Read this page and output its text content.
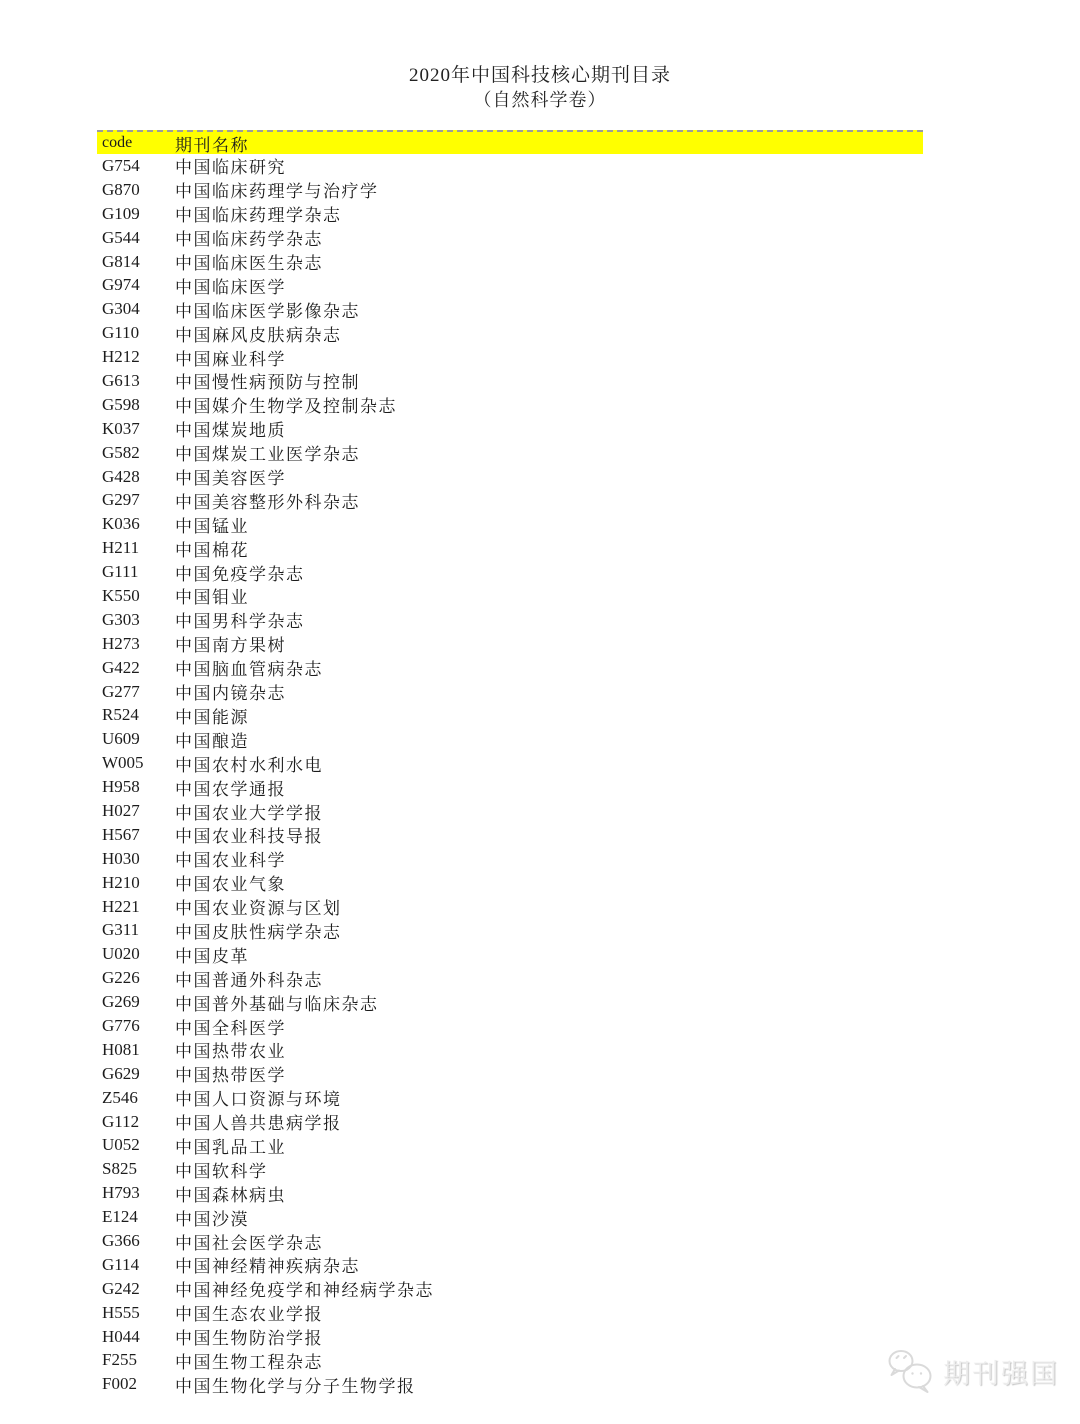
2020年中国科技核心期刊目录
（自然科学卷）
code	期刊名称
G754	中国临床研究
G870	中国临床药理学与治疗学
G109	中国临床药理学杂志
G544	中国临床药学杂志
G814	中国临床医生杂志
G974	中国临床医学
G304	中国临床医学影像杂志
G110	中国麻风皮肤病杂志
H212	中国麻业科学
G613	中国慢性病预防与控制
G598	中国媒介生物学及控制杂志
K037	中国煤炭地质
G582	中国煤炭工业医学杂志
G428	中国美容医学
G297	中国美容整形外科杂志
K036	中国锰业
H211	中国棉花
G111	中国免疫学杂志
K550	中国钼业
G303	中国男科学杂志
H273	中国南方果树
G422	中国脑血管病杂志
G277	中国内镜杂志
R524	中国能源
U609	中国酿造
W005	中国农村水利水电
H958	中国农学通报
H027	中国农业大学学报
H567	中国农业科技导报
H030	中国农业科学
H210	中国农业气象
H221	中国农业资源与区划
G311	中国皮肤性病学杂志
U020	中国皮革
G226	中国普通外科杂志
G269	中国普外基础与临床杂志
G776	中国全科医学
H081	中国热带农业
G629	中国热带医学
Z546	中国人口资源与环境
G112	中国人兽共患病学报
U052	中国乳品工业
S825	中国软科学
H793	中国森林病虫
E124	中国沙漠
G366	中国社会医学杂志
G114	中国神经精神疾病杂志
G242	中国神经免疫学和神经病学杂志
H555	中国生态农业学报
H044	中国生物防治学报
F255	中国生物工程杂志
F002	中国生物化学与分子生物学报	期刊强国
